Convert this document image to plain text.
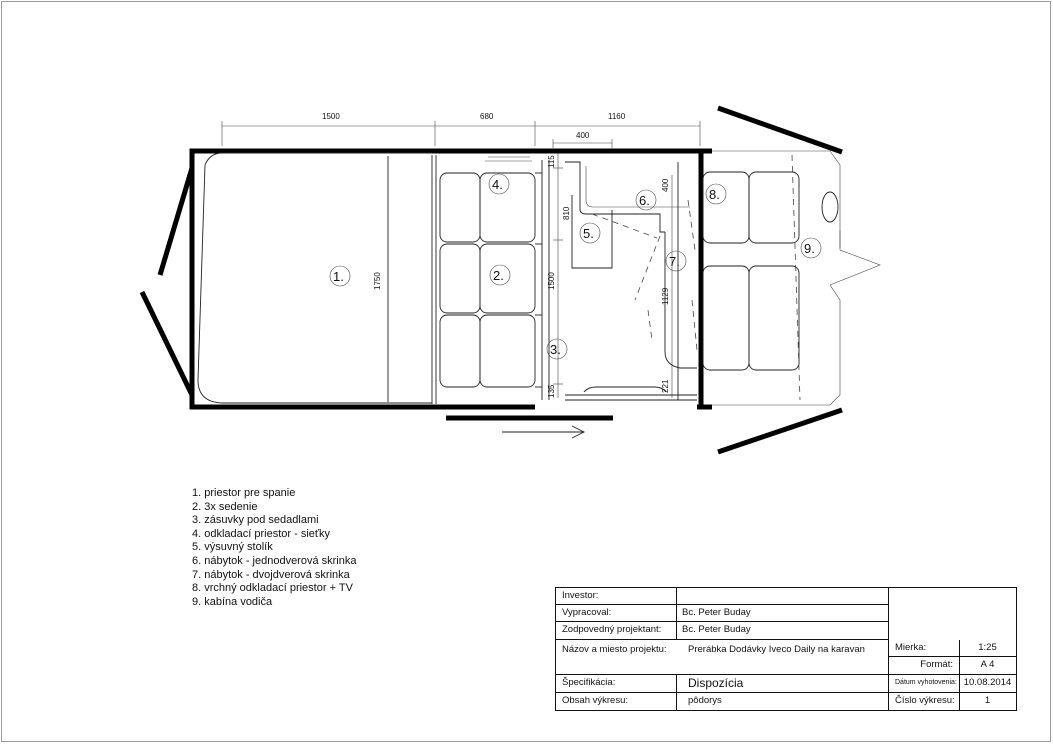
1500	680	1160
400
115
810
1500
135
1750
400
1129
221
1.	2.
3.
4.
5.
6.
7.
8.
9.
1. priestor pre spanie
2. 3x sedenie
3. zásuvky pod sedadlami
4. odkladací priestor - sieťky
5. výsuvný stolík
6. nábytok - jednodverová skrinka
7. nábytok - dvojdverová skrinka
8. vrchný odkladací priestor + TV
9. kabína vodiča
Investor:
Vypracoval:	Bc. Peter Buday
Zodpovedný projektant:	Bc. Peter Buday
Názov a miesto projektu:	Prerábka Dodávky Iveco Daily na karavan
Špecifikácia:	Dispozícia
Obsah výkresu:	pôdorys
Mierka:	1:25
Formát:	A 4
Dátum vyhotovenia: 10.08.2014
Číslo výkresu:	1
